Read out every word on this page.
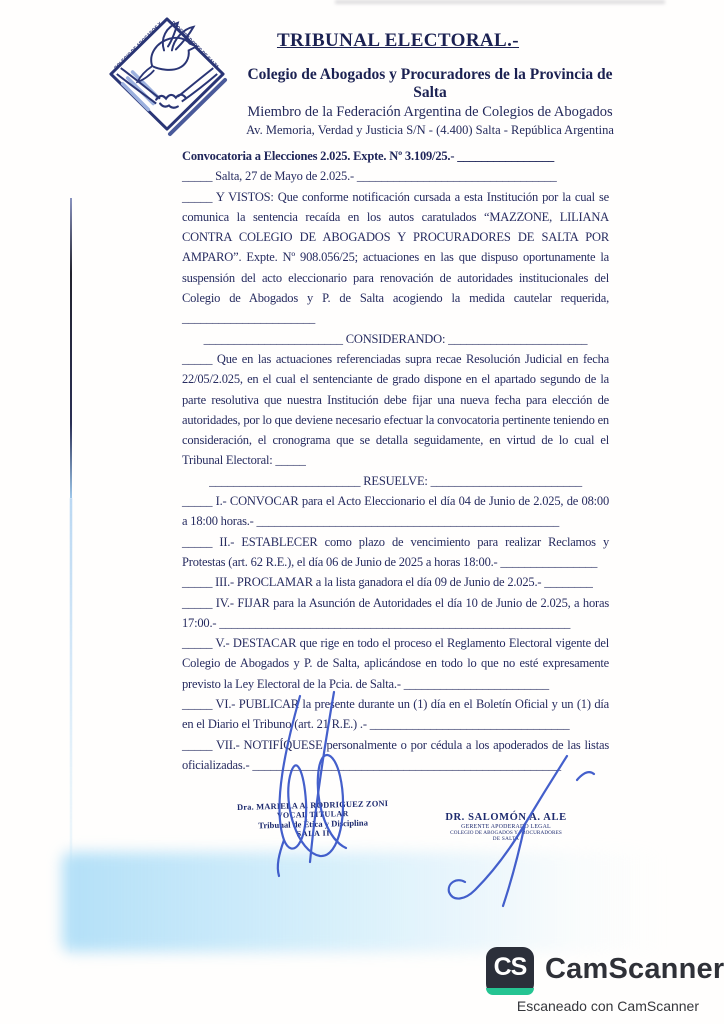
COLEGIO DE ABOGADOS Y PROCURADORES DE SALTA
TRIBUNAL ELECTORAL.-
Colegio de Abogados y Procuradores de la Provincia de Salta
Miembro de la Federación Argentina de Colegios de Abogados
Av. Memoria, Verdad y Justicia S/N - (4.400) Salta - República Argentina

Convocatoria a Elecciones 2.025. Expte. Nº 3.109/25.- ________________

_____ Salta, 27 de Mayo de 2.025.- _________________________________

_____ Y VISTOS: Que conforme notificación cursada a esta Institución por la cual se comunica la sentencia recaída en los autos caratulados “MAZZONE, LILIANA CONTRA COLEGIO DE ABOGADOS Y PROCURADORES DE SALTA POR AMPARO”. Expte. Nº 908.056/25; actuaciones en las que dispuso oportunamente la suspensión del acto eleccionario para renovación de autoridades institucionales del Colegio de Abogados y P. de Salta acogiendo la medida cautelar requerida, ______________________

_______________________ CONSIDERANDO: _______________________

_____ Que en las actuaciones referenciadas supra recae Resolución Judicial en fecha 22/05/2.025, en el cual el sentenciante de grado dispone en el apartado segundo de la parte resolutiva que nuestra Institución debe fijar una nueva fecha para elección de autoridades, por lo que deviene necesario efectuar la convocatoria pertinente teniendo en consideración, el cronograma que se detalla seguidamente, en virtud de lo cual el Tribunal Electoral: _____

_________________________ RESUELVE: _________________________

_____ I.- CONVOCAR para el Acto Eleccionario el día 04 de Junio de 2.025, de 08:00 a 18:00 horas.- __________________________________________________

_____ II.- ESTABLECER como plazo de vencimiento para realizar Reclamos y Protestas (art. 62 R.E.), el día 06 de Junio de 2025 a horas 18:00.- ________________

_____ III.- PROCLAMAR a la lista ganadora el día 09 de Junio de 2.025.- ________

_____ IV.- FIJAR para la Asunción de Autoridades el día 10 de Junio de 2.025, a horas 17:00.- __________________________________________________________

_____ V.- DESTACAR que rige en todo el proceso el Reglamento Electoral vigente del Colegio de Abogados y P. de Salta, aplicándose en todo lo que no esté expresamente previsto la Ley Electoral de la Pcia. de Salta.- ________________________

_____ VI.- PUBLICAR la presente durante un (1) día en el Boletín Oficial y un (1) día en el Diario el Tribuno (art. 21 R.E.) .- _________________________________

_____ VII.- NOTIFÍQUESE personalmente o por cédula a los apoderados de las listas oficializadas.- ___________________________________________________

Dra. MARIELA A. RODRIGUEZ ZONI
VOCAL TITULAR
Tribunal de Ética y Disciplina
SALA II
DR. SALOMÓN A. ALE
GERENTE APODERADO LEGAL
COLEGIO DE ABOGADOS Y PROCURADORES
DE SALTA
CS CamScanner
Escaneado con CamScanner
